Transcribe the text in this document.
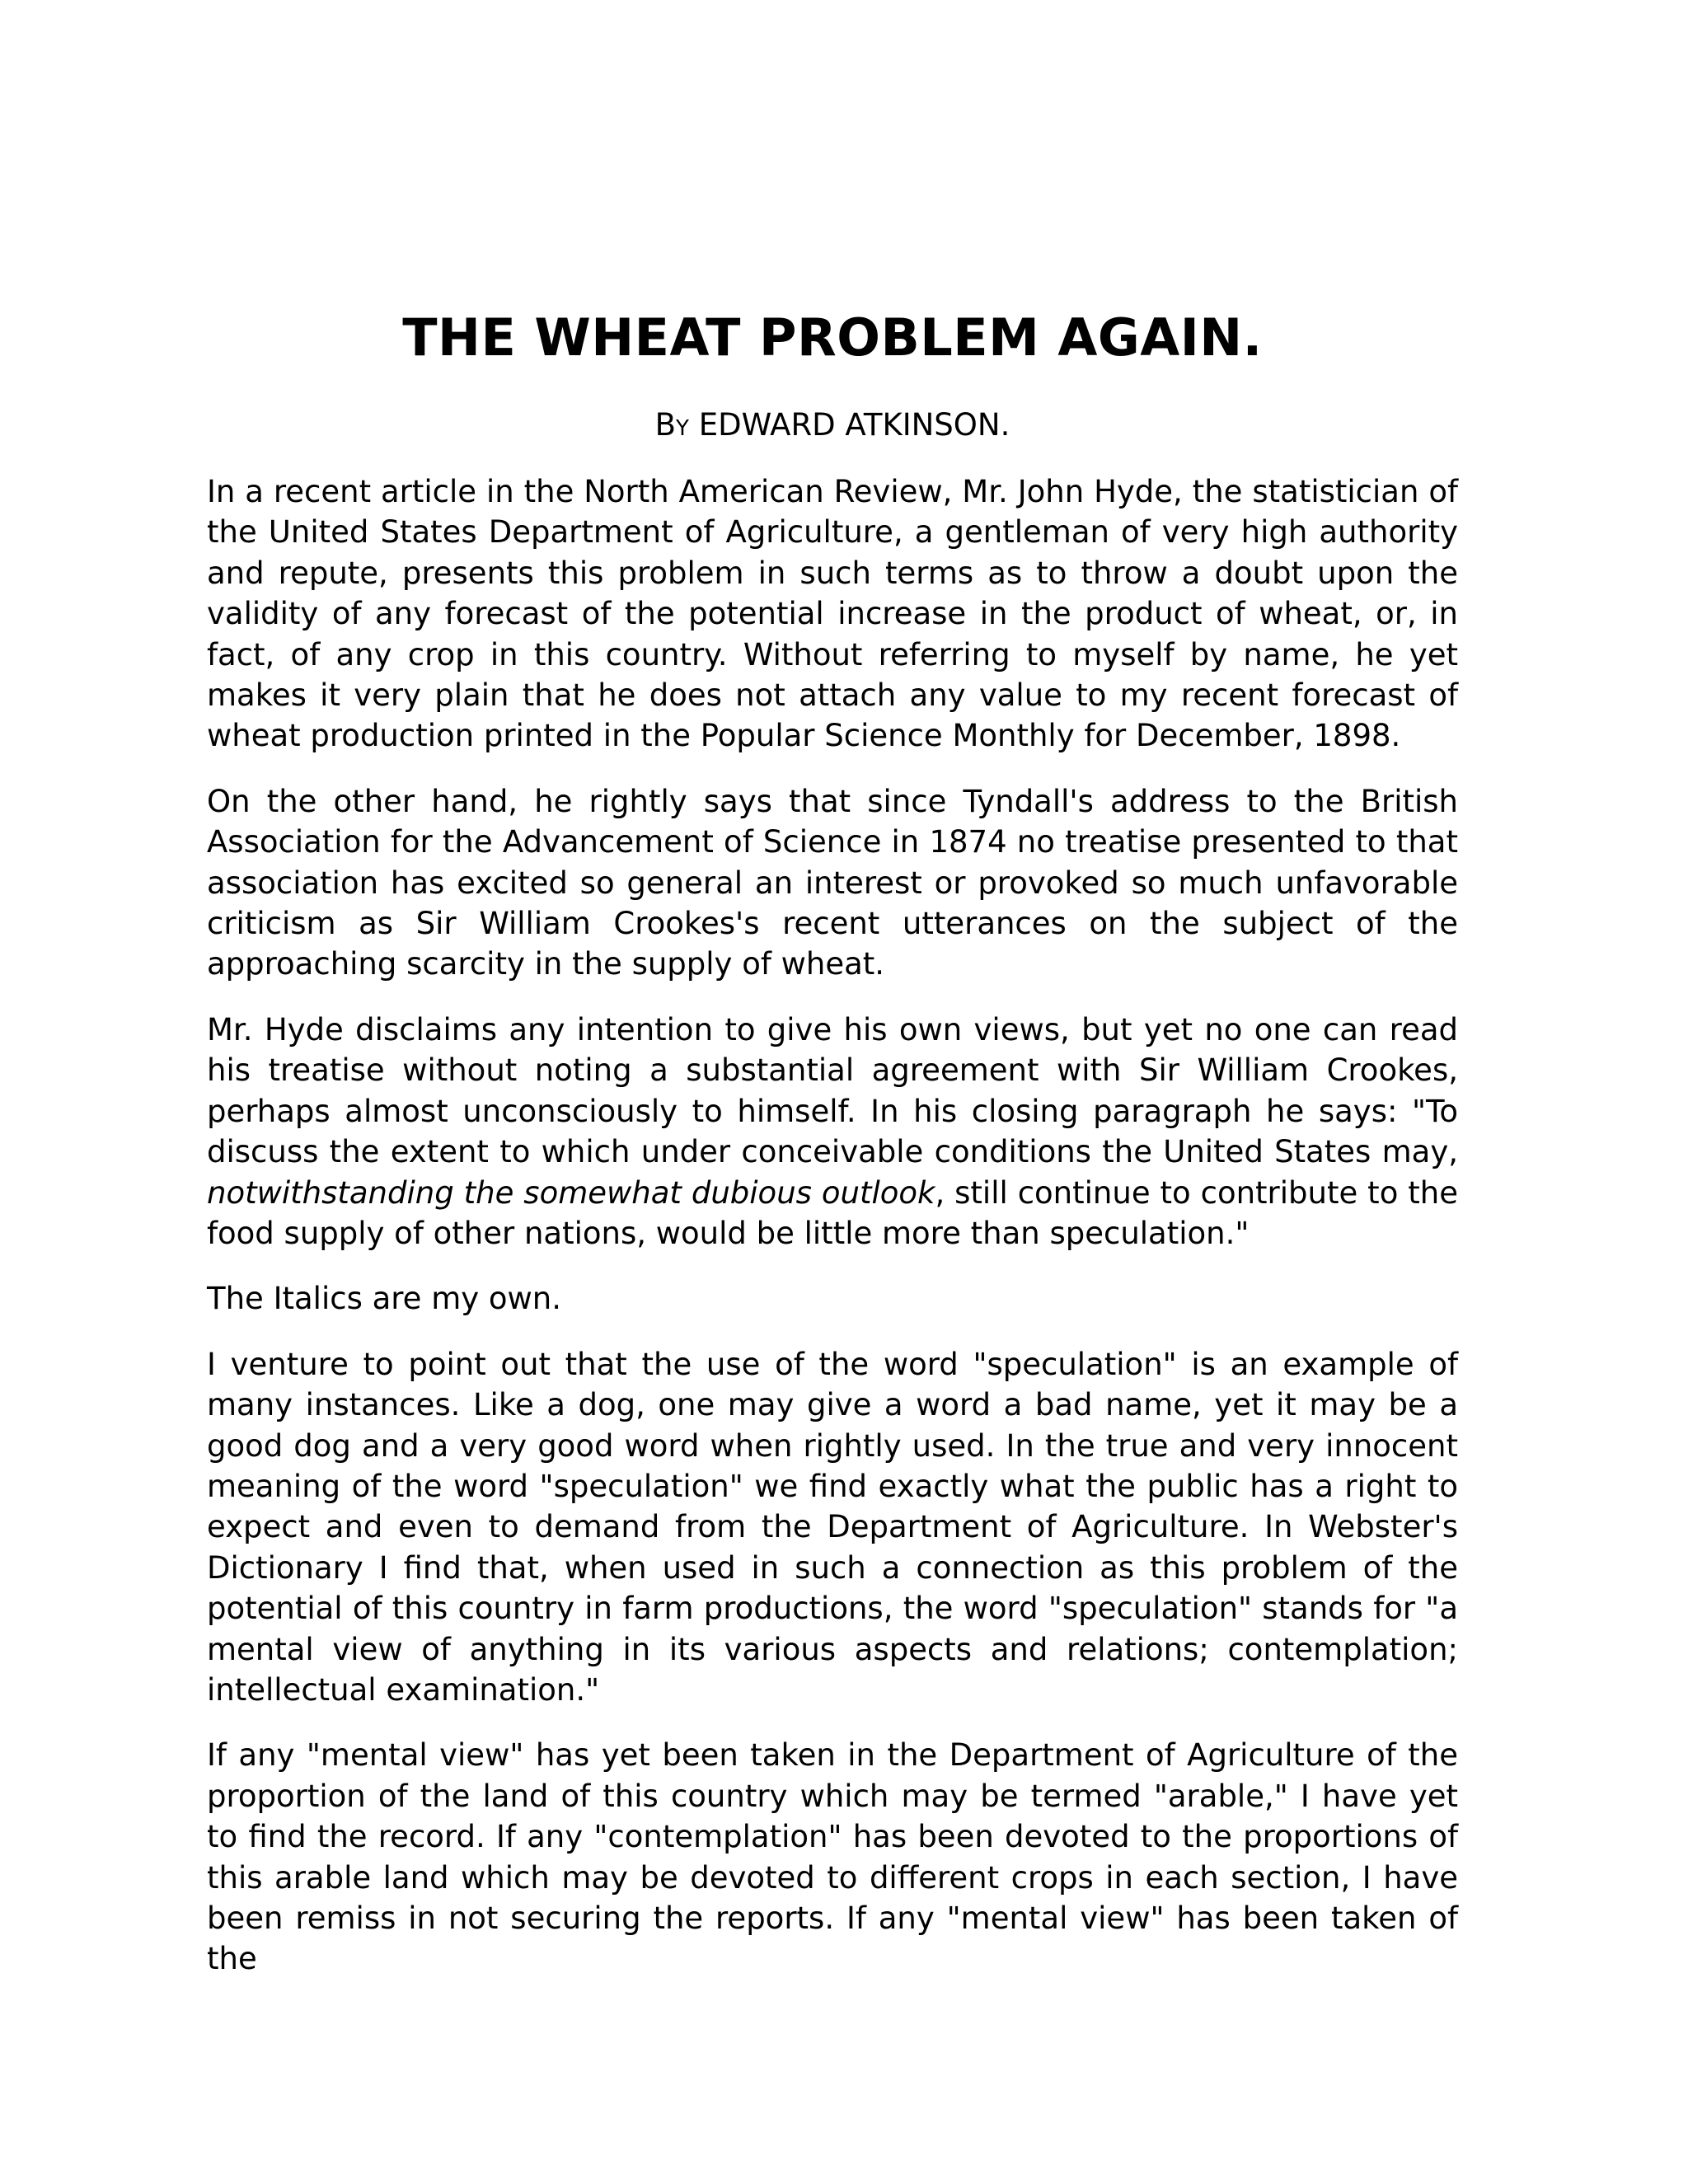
THE WHEAT PROBLEM AGAIN.
BY EDWARD ATKINSON.

In a recent article in the North American Review, Mr. John Hyde, the statistician of the United States Department of Agriculture, a gentleman of very high authority and repute, presents this problem in such terms as to throw a doubt upon the validity of any forecast of the potential increase in the product of wheat, or, in fact, of any crop in this country. Without referring to myself by name, he yet makes it very plain that he does not attach any value to my recent forecast of wheat production printed in the Popular Science Monthly for December, 1898.

On the other hand, he rightly says that since Tyndall's address to the British Association for the Advancement of Science in 1874 no treatise presented to that association has excited so general an interest or provoked so much unfavorable criticism as Sir William Crookes's recent utterances on the subject of the approaching scarcity in the supply of wheat.

Mr. Hyde disclaims any intention to give his own views, but yet no one can read his treatise without noting a substantial agreement with Sir William Crookes, perhaps almost unconsciously to himself. In his closing paragraph he says: "To discuss the extent to which under conceivable conditions the United States may, notwithstanding the somewhat dubious outlook, still continue to contribute to the food supply of other nations, would be little more than speculation."

The Italics are my own.

I venture to point out that the use of the word "speculation" is an example of many instances. Like a dog, one may give a word a bad name, yet it may be a good dog and a very good word when rightly used. In the true and very innocent meaning of the word "speculation" we find exactly what the public has a right to expect and even to demand from the Department of Agriculture. In Webster's Dictionary I find that, when used in such a connection as this problem of the potential of this country in farm productions, the word "speculation" stands for "a mental view of anything in its various aspects and relations; contemplation; intellectual examination."

If any "mental view" has yet been taken in the Department of Agriculture of the proportion of the land of this country which may be termed "arable," I have yet to find the record. If any "contemplation" has been devoted to the proportions of this arable land which may be devoted to different crops in each section, I have been remiss in not securing the reports. If any "mental view" has been taken of the
